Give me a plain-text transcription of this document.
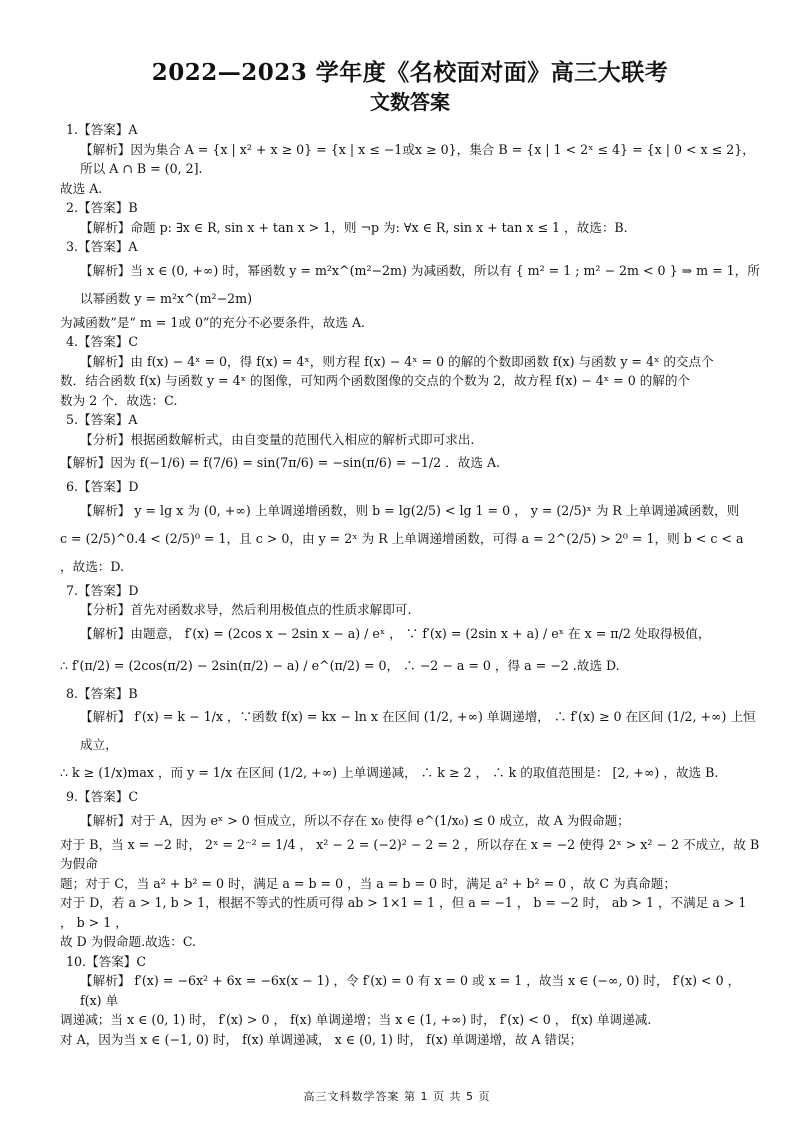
2022—2023 学年度《名校面对面》高三大联考
文数答案

1.【答案】A

【解析】因为集合 A = {x | x² + x ≥ 0} = {x | x ≤ −1或x ≥ 0}，集合 B = {x | 1 < 2ˣ ≤ 4} = {x | 0 < x ≤ 2}，所以 A ∩ B = (0, 2].

故选 A.

2.【答案】B

【解析】命题 p: ∃x ∈ R, sin x + tan x > 1，则 ¬p 为: ∀x ∈ R, sin x + tan x ≤ 1 ，故选：B.

3.【答案】A

【解析】当 x ∈ (0, +∞) 时，幂函数 y = m²x^(m²−2m) 为减函数，所以有 { m² = 1 ; m² − 2m < 0 } ⇒ m = 1，所以幂函数 y = m²x^(m²−2m)

为减函数”是“ m = 1或 0”的充分不必要条件，故选 A.

4.【答案】C

【解析】由 f(x) − 4ˣ = 0，得 f(x) = 4ˣ，则方程 f(x) − 4ˣ = 0 的解的个数即函数 f(x) 与函数 y = 4ˣ 的交点个

数．结合函数 f(x) 与函数 y = 4ˣ 的图像，可知两个函数图像的交点的个数为 2，故方程 f(x) − 4ˣ = 0 的解的个

数为 2 个．故选：C.

5.【答案】A

【分析】根据函数解析式，由自变量的范围代入相应的解析式即可求出.

【解析】因为 f(−1/6) = f(7/6) = sin(7π/6) = −sin(π/6) = −1/2 ．故选 A.

6.【答案】D

【解析】 y = lg x 为 (0, +∞) 上单调递增函数，则 b = lg(2/5) < lg 1 = 0 ， y = (2/5)ˣ 为 R 上单调递减函数，则

c = (2/5)^0.4 < (2/5)⁰ = 1，且 c > 0，由 y = 2ˣ 为 R 上单调递增函数，可得 a = 2^(2/5) > 2⁰ = 1，则 b < c < a ，故选：D.

7.【答案】D

【分析】首先对函数求导，然后利用极值点的性质求解即可.

【解析】由题意， f′(x) = (2cos x − 2sin x − a) / eˣ ， ∵ f′(x) = (2sin x + a) / eˣ 在 x = π/2 处取得极值，

∴ f′(π/2) = (2cos(π/2) − 2sin(π/2) − a) / e^(π/2) = 0， ∴ −2 − a = 0 ，得 a = −2 .故选 D.

8.【答案】B

【解析】 f′(x) = k − 1/x ，∵函数 f(x) = kx − ln x 在区间 (1/2, +∞) 单调递增， ∴ f′(x) ≥ 0 在区间 (1/2, +∞) 上恒成立，

∴ k ≥ (1/x)max ，而 y = 1/x 在区间 (1/2, +∞) 上单调递减， ∴ k ≥ 2 ， ∴ k 的取值范围是： [2, +∞) ，故选 B.

9.【答案】C

【解析】对于 A，因为 eˣ > 0 恒成立，所以不存在 x₀ 使得 e^(1/x₀) ≤ 0 成立，故 A 为假命题；

对于 B，当 x = −2 时， 2ˣ = 2⁻² = 1/4 ， x² − 2 = (−2)² − 2 = 2 ，所以存在 x = −2 使得 2ˣ > x² − 2 不成立，故 B 为假命

题；对于 C，当 a² + b² = 0 时，满足 a = b = 0 ，当 a = b = 0 时，满足 a² + b² = 0 ，故 C 为真命题；

对于 D，若 a > 1, b > 1，根据不等式的性质可得 ab > 1×1 = 1 ，但 a = −1 ， b = −2 时， ab > 1 ，不满足 a > 1 ， b > 1 ，

故 D 为假命题.故选：C.

10.【答案】C

【解析】 f′(x) = −6x² + 6x = −6x(x − 1) ，令 f′(x) = 0 有 x = 0 或 x = 1 ，故当 x ∈ (−∞, 0) 时， f′(x) < 0 ， f(x) 单

调递减；当 x ∈ (0, 1) 时， f′(x) > 0 ， f(x) 单调递增；当 x ∈ (1, +∞) 时， f′(x) < 0 ， f(x) 单调递减.

对 A，因为当 x ∈ (−1, 0) 时， f(x) 单调递减， x ∈ (0, 1) 时， f(x) 单调递增，故 A 错误；

高三文科数学答案 第 1 页 共 5 页
